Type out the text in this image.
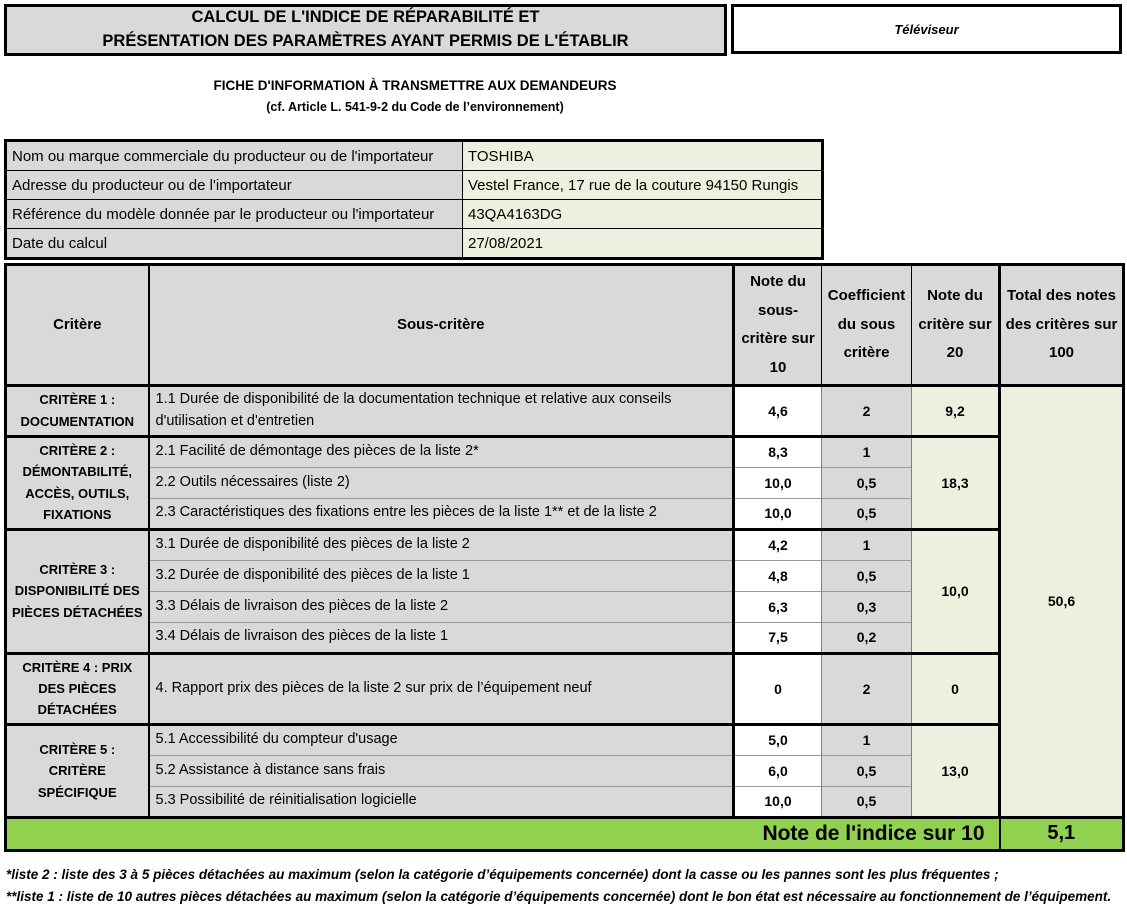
CALCUL DE L'INDICE DE RÉPARABILITÉ ET
PRÉSENTATION DES PARAMÈTRES AYANT PERMIS DE L'ÉTABLIR
Téléviseur
FICHE D'INFORMATION À TRANSMETTRE AUX DEMANDEURS
(cf. Article L. 541-9-2 du Code de l’environnement)
Nom ou marque commerciale du producteur ou de l'importateur	TOSHIBA
Adresse du producteur ou de l'importateur	Vestel France, 17 rue de la couture 94150 Rungis
Référence du modèle donnée par le producteur ou l'importateur	43QA4163DG
Date du calcul	27/08/2021
Critère	Sous-critère	Note du sous-critère sur 10	Coefficient du sous critère	Note du critère sur 20	Total des notes des critères sur 100
CRITÈRE 1 : DOCUMENTATION	1.1 Durée de disponibilité de la documentation technique et relative aux conseils d'utilisation et d'entretien	4,6	2	9,2	50,6
CRITÈRE 2 : DÉMONTABILITÉ, ACCÈS, OUTILS, FIXATIONS	2.1 Facilité de démontage des pièces de la liste 2*	8,3	1	18,3	
	2.2 Outils nécessaires (liste 2)	10,0	0,5		
	2.3 Caractéristiques des fixations entre les pièces de la liste 1** et de la liste 2	10,0	0,5		
CRITÈRE 3 : DISPONIBILITÉ DES PIÈCES DÉTACHÉES	3.1 Durée de disponibilité des pièces de la liste 2	4,2	1	10,0	
	3.2 Durée de disponibilité des pièces de la liste 1	4,8	0,5		
	3.3 Délais de livraison des pièces de la liste 2	6,3	0,3		
	3.4 Délais de livraison des pièces de la liste 1	7,5	0,2		
CRITÈRE 4 : PRIX DES PIÈCES DÉTACHÉES	4. Rapport prix des pièces de la liste 2 sur prix de l’équipement neuf	0	2	0	
CRITÈRE 5 : CRITÈRE SPÉCIFIQUE	5.1 Accessibilité du compteur d'usage	5,0	1	13,0	
	5.2 Assistance à distance sans frais	6,0	0,5		
	5.3 Possibilité de réinitialisation logicielle	10,0	0,5		
Note de l'indice sur 10					5,1
*liste 2 : liste des 3 à 5 pièces détachées au maximum (selon la catégorie d’équipements concernée) dont la casse ou les pannes sont les plus fréquentes ;
**liste 1 : liste de 10 autres pièces détachées au maximum (selon la catégorie d’équipements concernée) dont le bon état est nécessaire au fonctionnement de l’équipement.
